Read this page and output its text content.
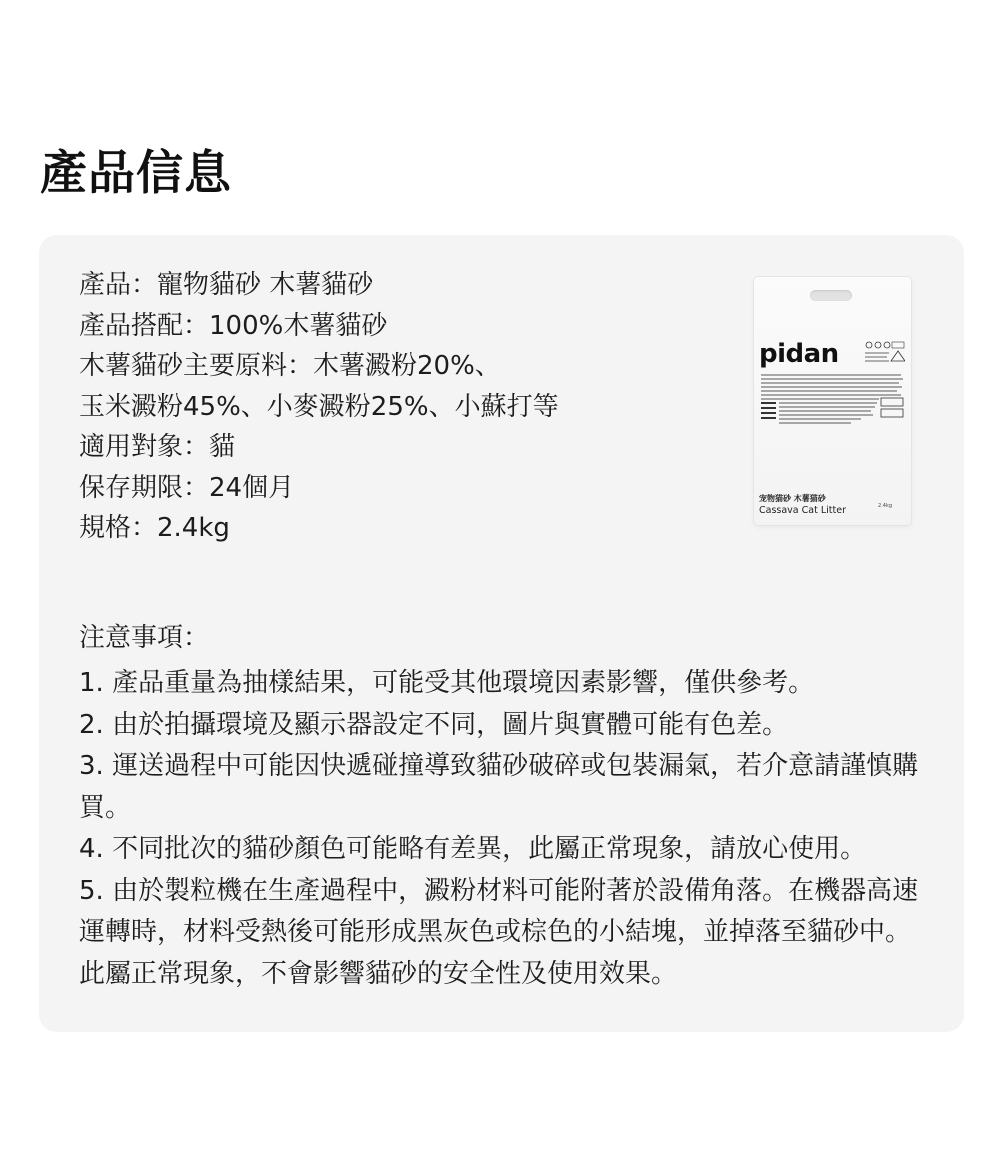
產品信息
產品：寵物貓砂 木薯貓砂
產品搭配：100%木薯貓砂
木薯貓砂主要原料：木薯澱粉20%、
玉米澱粉45%、小麥澱粉25%、小蘇打等
適用對象：貓
保存期限：24個月
規格：2.4kg
pidan
宠物猫砂 木薯猫砂
Cassava Cat Litter	2.4kg
注意事項：
1. 產品重量為抽樣結果，可能受其他環境因素影響，僅供參考。
2. 由於拍攝環境及顯示器設定不同，圖片與實體可能有色差。
3. 運送過程中可能因快遞碰撞導致貓砂破碎或包裝漏氣，若介意請謹慎購買。
4. 不同批次的貓砂顏色可能略有差異，此屬正常現象，請放心使用。
5. 由於製粒機在生產過程中，澱粉材料可能附著於設備角落。在機器高速運轉時，材料受熱後可能形成黑灰色或棕色的小結塊，並掉落至貓砂中。此屬正常現象，不會影響貓砂的安全性及使用效果。
